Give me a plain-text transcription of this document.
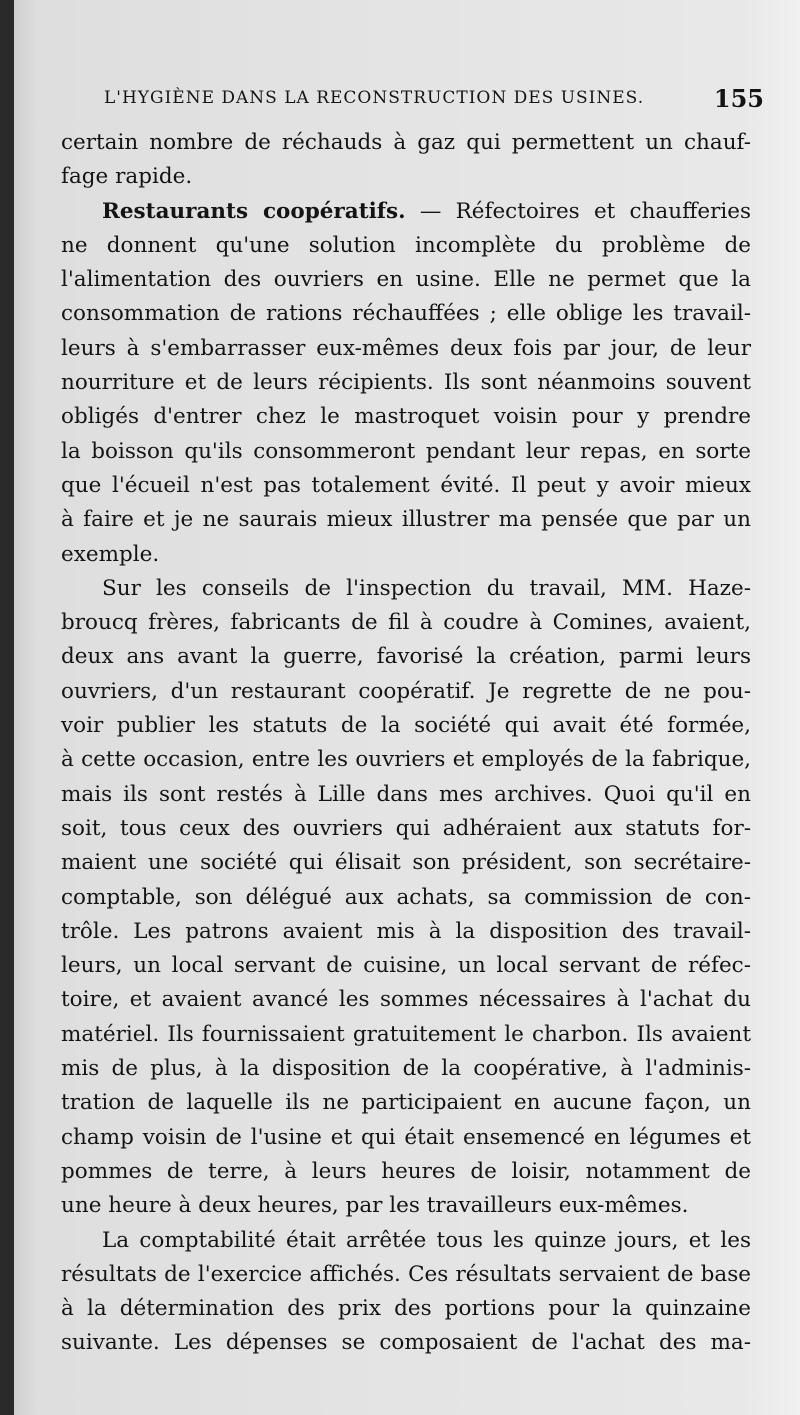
L'HYGIÈNE DANS LA RECONSTRUCTION DES USINES.	155
certain nombre de réchauds à gaz qui permettent un chauf-
fage rapide.
Restaurants coopératifs. — Réfectoires et chaufferies
ne donnent qu'une solution incomplète du problème de
l'alimentation des ouvriers en usine. Elle ne permet que la
consommation de rations réchauffées ; elle oblige les travail-
leurs à s'embarrasser eux-mêmes deux fois par jour, de leur
nourriture et de leurs récipients. Ils sont néanmoins souvent
obligés d'entrer chez le mastroquet voisin pour y prendre
la boisson qu'ils consommeront pendant leur repas, en sorte
que l'écueil n'est pas totalement évité. Il peut y avoir mieux
à faire et je ne saurais mieux illustrer ma pensée que par un
exemple.
Sur les conseils de l'inspection du travail, MM. Haze-
broucq frères, fabricants de fil à coudre à Comines, avaient,
deux ans avant la guerre, favorisé la création, parmi leurs
ouvriers, d'un restaurant coopératif. Je regrette de ne pou-
voir publier les statuts de la société qui avait été formée,
à cette occasion, entre les ouvriers et employés de la fabrique,
mais ils sont restés à Lille dans mes archives. Quoi qu'il en
soit, tous ceux des ouvriers qui adhéraient aux statuts for-
maient une société qui élisait son président, son secrétaire-
comptable, son délégué aux achats, sa commission de con-
trôle. Les patrons avaient mis à la disposition des travail-
leurs, un local servant de cuisine, un local servant de réfec-
toire, et avaient avancé les sommes nécessaires à l'achat du
matériel. Ils fournissaient gratuitement le charbon. Ils avaient
mis de plus, à la disposition de la coopérative, à l'adminis-
tration de laquelle ils ne participaient en aucune façon, un
champ voisin de l'usine et qui était ensemencé en légumes et
pommes de terre, à leurs heures de loisir, notamment de
une heure à deux heures, par les travailleurs eux-mêmes.
La comptabilité était arrêtée tous les quinze jours, et les
résultats de l'exercice affichés. Ces résultats servaient de base
à la détermination des prix des portions pour la quinzaine
suivante. Les dépenses se composaient de l'achat des ma-
